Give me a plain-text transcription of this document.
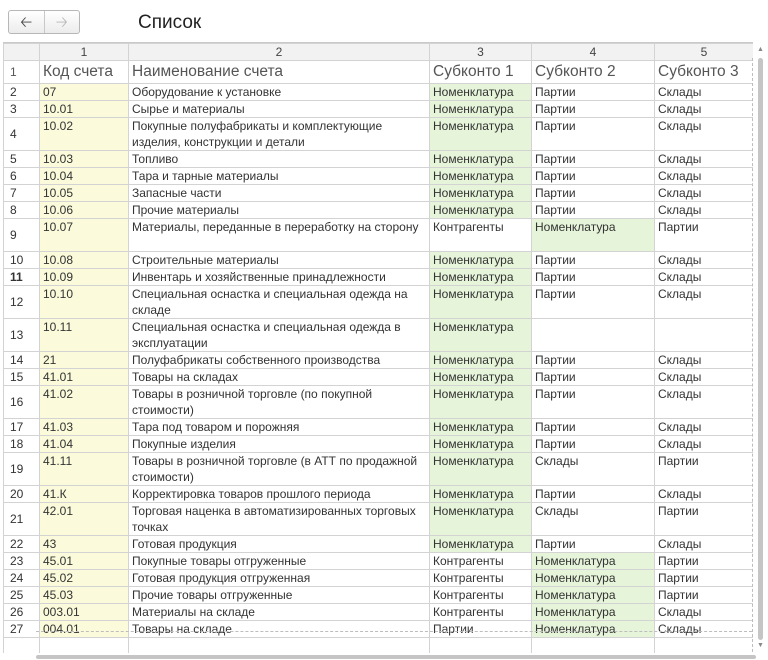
🡠 🡢	Список
	1	2	3	4	5
1	Код счета	Наименование счета	Субконто 1	Субконто 2	Субконто 3
2	07	Оборудование к установке	Номенклатура	Партии	Склады
3	10.01	Сырье и материалы	Номенклатура	Партии	Склады
4	10.02	Покупные полуфабрикаты и комплектующие изделия, конструкции и детали	Номенклатура	Партии	Склады
5	10.03	Топливо	Номенклатура	Партии	Склады
6	10.04	Тара и тарные материалы	Номенклатура	Партии	Склады
7	10.05	Запасные части	Номенклатура	Партии	Склады
8	10.06	Прочие материалы	Номенклатура	Партии	Склады
9	10.07	Материалы, переданные в переработку на сторону	Контрагенты	Номенклатура	Партии
10	10.08	Строительные материалы	Номенклатура	Партии	Склады
11	10.09	Инвентарь и хозяйственные принадлежности	Номенклатура	Партии	Склады
12	10.10	Специальная оснастка и специальная одежда на складе	Номенклатура	Партии	Склады
13	10.11	Специальная оснастка и специальная одежда в эксплуатации	Номенклатура		
14	21	Полуфабрикаты собственного производства	Номенклатура	Партии	Склады
15	41.01	Товары на складах	Номенклатура	Партии	Склады
16	41.02	Товары в розничной торговле (по покупной стоимости)	Номенклатура	Партии	Склады
17	41.03	Тара под товаром и порожняя	Номенклатура	Партии	Склады
18	41.04	Покупные изделия	Номенклатура	Партии	Склады
19	41.11	Товары в розничной торговле (в АТТ по продажной стоимости)	Номенклатура	Склады	Партии
20	41.К	Корректировка товаров прошлого периода	Номенклатура	Партии	Склады
21	42.01	Торговая наценка в автоматизированных торговых точках	Номенклатура	Склады	Партии
22	43	Готовая продукция	Номенклатура	Партии	Склады
23	45.01	Покупные товары отгруженные	Контрагенты	Номенклатура	Партии
24	45.02	Готовая продукция отгруженная	Контрагенты	Номенклатура	Партии
25	45.03	Прочие товары отгруженные	Контрагенты	Номенклатура	Партии
26	003.01	Материалы на складе	Контрагенты	Номенклатура	Склады
27	004.01	Товары на складе	Партии	Номенклатура	Склады

▲
▼
